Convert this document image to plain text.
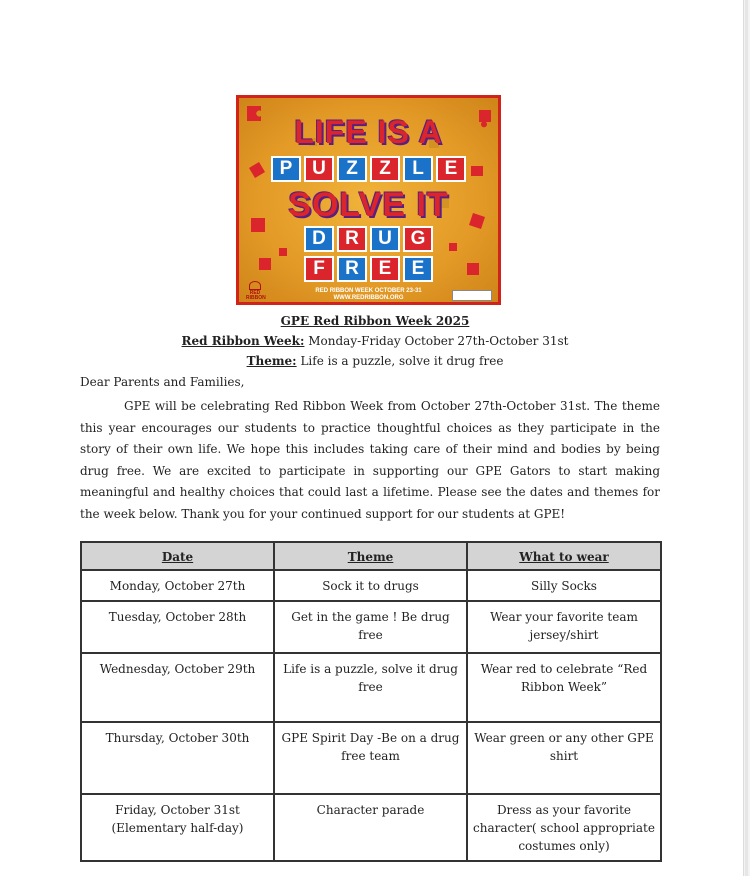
LIFE IS A
P	U	Z	Z	L	E
SOLVE IT
D	R	U G
F	R	E	E
RED RIBBON
RED RIBBON WEEK OCTOBER 23-31
WWW.REDRIBBON.ORG
GPE Red Ribbon Week 2025
Red Ribbon Week: Monday-Friday October 27th-October 31st
Theme: Life is a puzzle, solve it drug free
Dear Parents and Families,
GPE will be celebrating Red Ribbon Week from October 27th-October 31st. The theme this year encourages our students to practice thoughtful choices as they participate in the story of their own life. We hope this includes taking care of their mind and bodies by being drug free. We are excited to participate in supporting our GPE Gators to start making meaningful and healthy choices that could last a lifetime. Please see the dates and themes for the week below. Thank you for your continued support for our students at GPE!
Date	Theme	What to wear
Monday, October 27th	Sock it to drugs	Silly Socks
Tuesday, October 28th	Get in the game ! Be drug free	Wear your favorite team jersey/shirt
Wednesday, October 29th	Life is a puzzle, solve it drug free	Wear red to celebrate “Red Ribbon Week”
Thursday, October 30th	GPE Spirit Day -Be on a drug free team	Wear green or any other GPE shirt
Friday, October 31st (Elementary half-day)	Character parade	Dress as your favorite character( school appropriate costumes only)
